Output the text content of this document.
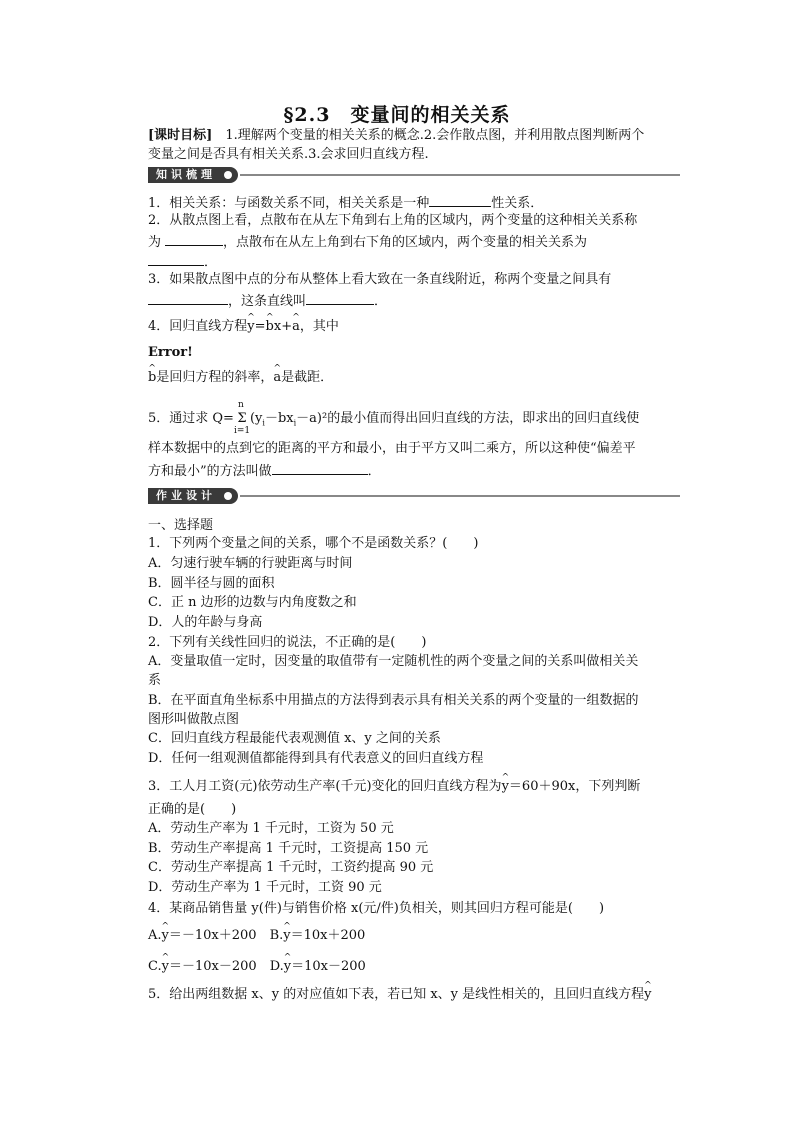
§2.3　变量间的相关关系
[课时目标]　1.理解两个变量的相关关系的概念.2.会作散点图，并利用散点图判断两个
变量之间是否具有相关关系.3.会求回归直线方程.
知识梳理
1．相关关系：与函数关系不同，相关关系是一种	性关系．
2．从散点图上看，点散布在从左下角到右上角的区域内，两个变量的这种相关关系称
为	，点散布在从左上角到右下角的区域内，两个变量的相关关系为
．
3．如果散点图中点的分布从整体上看大致在一条直线附近，称两个变量之间具有
，这条直线叫	．
4．回归直线方程^ y=^ bx+^ a，其中
Error!
^ b是回归方程的斜率，^ a是截距．
5．通过求 Q= Σ
n
i=1
$(y_i-bx_i-a)^2$的最小值而得出回归直线的方法，即求出的回归直线使
样本数据中的点到它的距离的平方和最小，由于平方又叫二乘方，所以这种使“偏差平
方和最小”的方法叫做	．
作业设计
一、选择题
1．下列两个变量之间的关系，哪个不是函数关系？(　　)
A．匀速行驶车辆的行驶距离与时间
B．圆半径与圆的面积
C．正 n 边形的边数与内角度数之和
D．人的年龄与身高
2．下列有关线性回归的说法，不正确的是(　　)
A．变量取值一定时，因变量的取值带有一定随机性的两个变量之间的关系叫做相关关
系
B．在平面直角坐标系中用描点的方法得到表示具有相关关系的两个变量的一组数据的
图形叫做散点图
C．回归直线方程最能代表观测值 x、y 之间的关系
D．任何一组观测值都能得到具有代表意义的回归直线方程
3．工人月工资(元)依劳动生产率(千元)变化的回归直线方程为^ y＝60＋90x，下列判断
正确的是(　　)
A．劳动生产率为 1 千元时，工资为 50 元
B．劳动生产率提高 1 千元时，工资提高 150 元
C．劳动生产率提高 1 千元时，工资约提高 90 元
D．劳动生产率为 1 千元时，工资 90 元
4．某商品销售量 y(件)与销售价格 x(元/件)负相关，则其回归方程可能是(　　)
A.^ y＝－10x＋200　 B.^ y＝10x＋200
C.^ y＝－10x－200　 D.^ y＝10x－200
5．给出两组数据 x、y 的对应值如下表，若已知 x、y 是线性相关的，且回归直线方程^ y
